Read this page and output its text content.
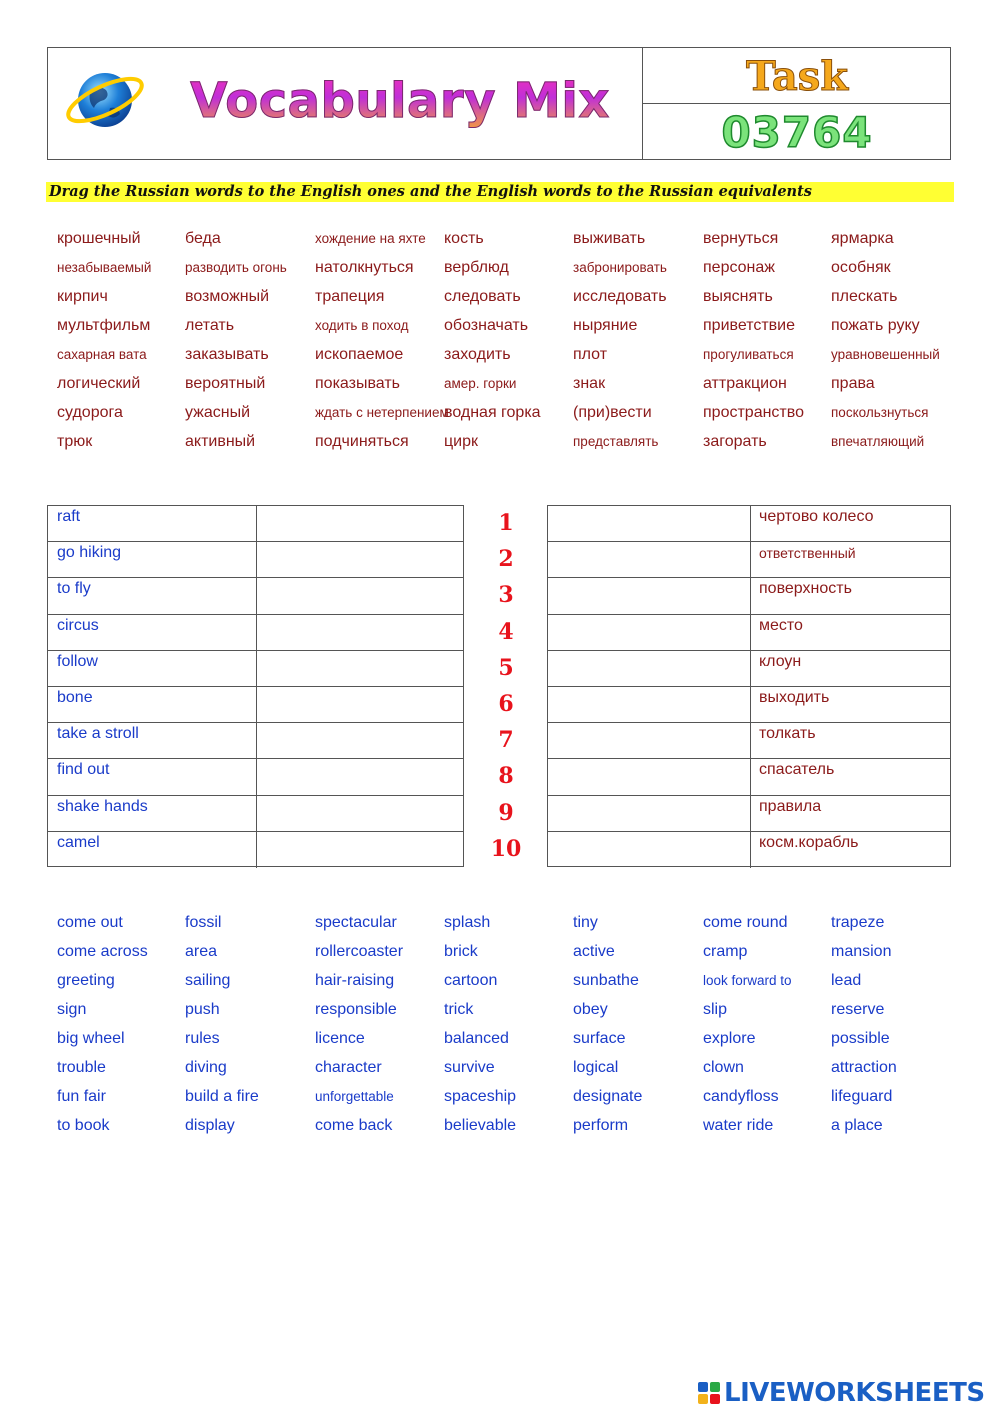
Vocabulary Mix	Task
03764
Drag the Russian words to the English ones and the English words to the Russian equivalents
крошечный
незабываемый
кирпич
мультфильм
сахарная вата
логический
судорога
трюк
беда
разводить огонь
возможный
летать
заказывать
вероятный
ужасный
активный
хождение на яхте
натолкнуться
трапеция
ходить в поход
ископаемое
показывать
ждать с нетерпением
подчиняться
кость
верблюд
следовать
обозначать
заходить
амер. горки
водная горка
цирк
выживать
забронировать
исследовать
ныряние
плот
знак
(при)вести
представлять
вернуться
персонаж
выяснять
приветствие
прогуливаться
аттракцион
пространство
загорать
ярмарка
особняк
плескать
пожать руку
уравновешенный
права
поскользнуться
впечатляющий
raft
go hiking
to fly
circus
follow
bone
take a stroll
find out
shake hands
camel
1
2
3
4
5
6
7
8
9
10
чертово колесо
ответственный
поверхность
место
клоун
выходить
толкать
спасатель
правила
косм.корабль
come out
come across
greeting
sign
big wheel
trouble
fun fair
to book
fossil
area
sailing
push
rules
diving
build a fire
display
spectacular
rollercoaster
hair-raising
responsible
licence
character
unforgettable
come back
splash
brick
cartoon
trick
balanced
survive
spaceship
believable
tiny
active
sunbathe
obey
surface
logical
designate
perform
come round
cramp
look forward to
slip
explore
clown
candyfloss
water ride
trapeze
mansion
lead
reserve
possible
attraction
lifeguard
a place
LIVEWORKSHEETS
